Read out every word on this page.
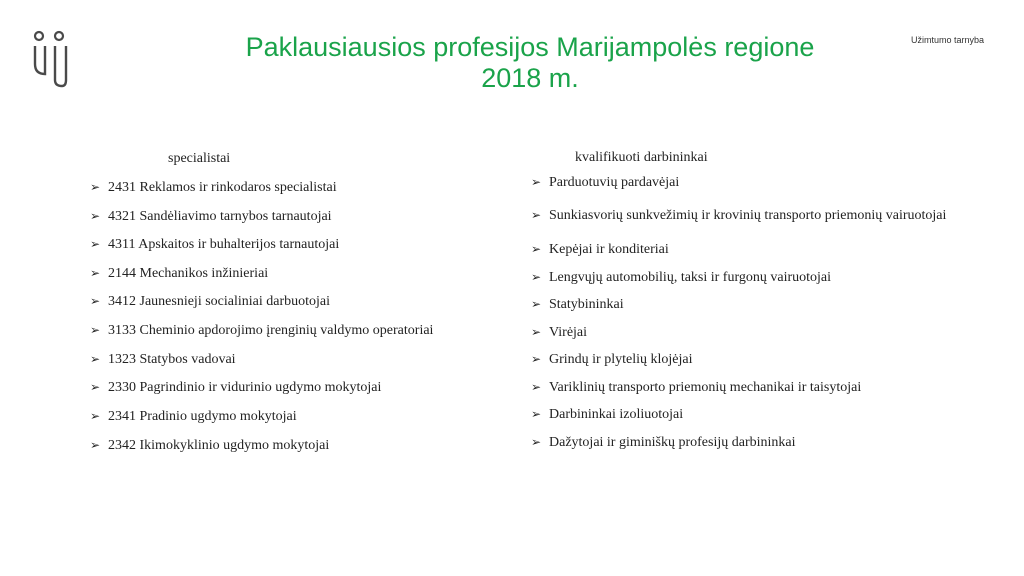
Paklausiausios profesijos Marijampolės regione
2018 m.
Užimtumo tarnyba
specialistai
➢ 2431 Reklamos ir rinkodaros specialistai
➢ 4321 Sandėliavimo tarnybos tarnautojai
➢ 4311 Apskaitos ir buhalterijos tarnautojai
➢ 2144 Mechanikos inžinieriai
➢ 3412 Jaunesnieji socialiniai darbuotojai
➢ 3133 Cheminio apdorojimo įrenginių valdymo operatoriai
➢ 1323 Statybos vadovai
➢ 2330 Pagrindinio ir vidurinio ugdymo mokytojai
➢ 2341 Pradinio ugdymo mokytojai
➢ 2342 Ikimokyklinio ugdymo mokytojai
kvalifikuoti darbininkai
➢ Parduotuvių pardavėjai
➢ Sunkiasvorių sunkvežimių ir krovinių transporto priemonių vairuotojai
➢ Kepėjai ir konditeriai
➢ Lengvųjų automobilių, taksi ir furgonų vairuotojai
➢ Statybininkai
➢ Virėjai
➢ Grindų ir plytelių klojėjai
➢ Variklinių transporto priemonių mechanikai ir taisytojai
➢ Darbininkai izoliuotojai
➢ Dažytojai ir giminiškų profesijų darbininkai
